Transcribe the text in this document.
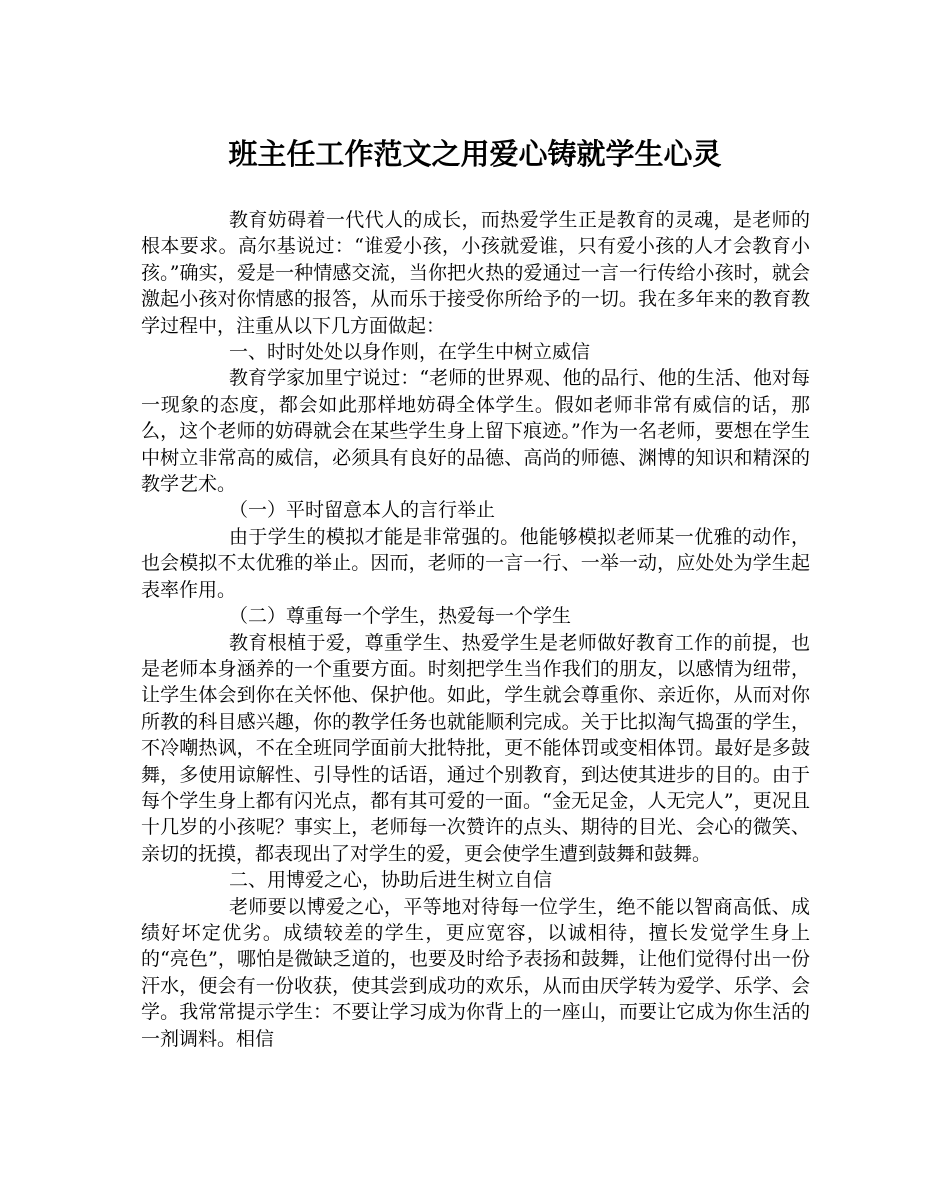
班主任工作范文之用爱心铸就学生心灵

教育妨碍着一代代人的成长，而热爱学生正是教育的灵魂，是老师的根本要求。高尔基说过：“谁爱小孩，小孩就爱谁，只有爱小孩的人才会教育小孩。”确实，爱是一种情感交流，当你把火热的爱通过一言一行传给小孩时，就会激起小孩对你情感的报答，从而乐于接受你所给予的一切。我在多年来的教育教学过程中，注重从以下几方面做起：

一、时时处处以身作则，在学生中树立威信

教育学家加里宁说过：“老师的世界观、他的品行、他的生活、他对每一现象的态度，都会如此那样地妨碍全体学生。假如老师非常有威信的话，那么，这个老师的妨碍就会在某些学生身上留下痕迹。”作为一名老师，要想在学生中树立非常高的威信，必须具有良好的品德、高尚的师德、渊博的知识和精深的教学艺术。

（一）平时留意本人的言行举止

由于学生的模拟才能是非常强的。他能够模拟老师某一优雅的动作，也会模拟不太优雅的举止。因而，老师的一言一行、一举一动，应处处为学生起表率作用。

（二）尊重每一个学生，热爱每一个学生

教育根植于爱，尊重学生、热爱学生是老师做好教育工作的前提，也是老师本身涵养的一个重要方面。时刻把学生当作我们的朋友，以感情为纽带，让学生体会到你在关怀他、保护他。如此，学生就会尊重你、亲近你，从而对你所教的科目感兴趣，你的教学任务也就能顺利完成。关于比拟淘气捣蛋的学生，不冷嘲热讽，不在全班同学面前大批特批，更不能体罚或变相体罚。最好是多鼓舞，多使用谅解性、引导性的话语，通过个别教育，到达使其进步的目的。由于每个学生身上都有闪光点，都有其可爱的一面。“金无足金，人无完人”，更况且十几岁的小孩呢？事实上，老师每一次赞许的点头、期待的目光、会心的微笑、亲切的抚摸，都表现出了对学生的爱，更会使学生遭到鼓舞和鼓舞。

二、用博爱之心，协助后进生树立自信

老师要以博爱之心，平等地对待每一位学生，绝不能以智商高低、成绩好坏定优劣。成绩较差的学生，更应宽容，以诚相待，擅长发觉学生身上的“亮色”，哪怕是微缺乏道的，也要及时给予表扬和鼓舞，让他们觉得付出一份汗水，便会有一份收获，使其尝到成功的欢乐，从而由厌学转为爱学、乐学、会学。我常常提示学生：不要让学习成为你背上的一座山，而要让它成为你生活的一剂调料。相信
